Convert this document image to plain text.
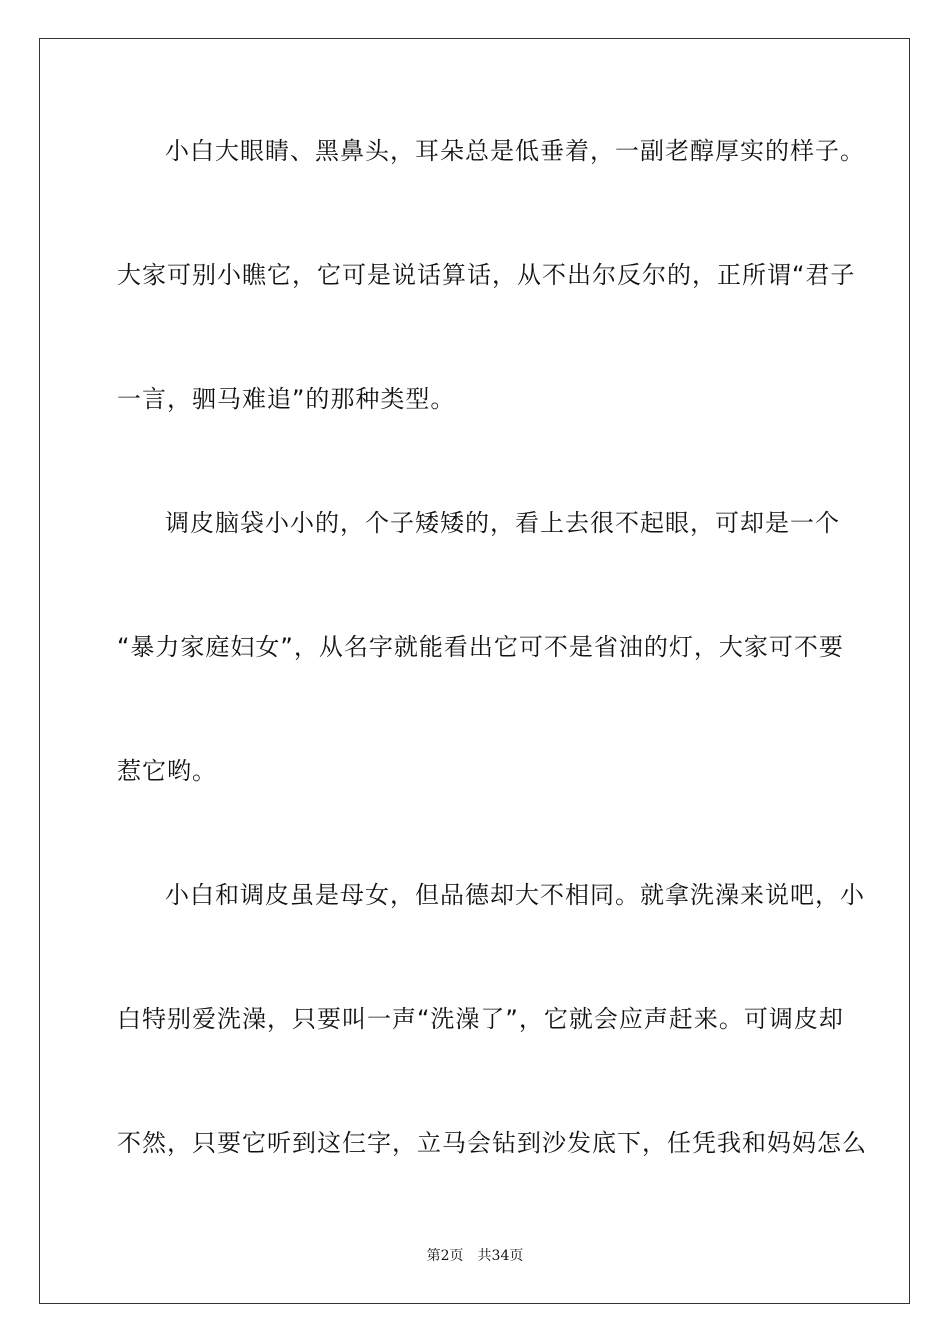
小白大眼睛、黑鼻头，耳朵总是低垂着，一副老醇厚实的样子。
大家可别小瞧它，它可是说话算话，从不出尔反尔的，正所谓“君子
一言，驷马难追”的那种类型。
调皮脑袋小小的，个子矮矮的，看上去很不起眼，可却是一个
“暴力家庭妇女”，从名字就能看出它可不是省油的灯，大家可不要
惹它哟。
小白和调皮虽是母女，但品德却大不相同。就拿洗澡来说吧，小
白特别爱洗澡，只要叫一声“洗澡了”，它就会应声赶来。可调皮却
不然，只要它听到这仨字，立马会钻到沙发底下，任凭我和妈妈怎么
第2页 共34页
